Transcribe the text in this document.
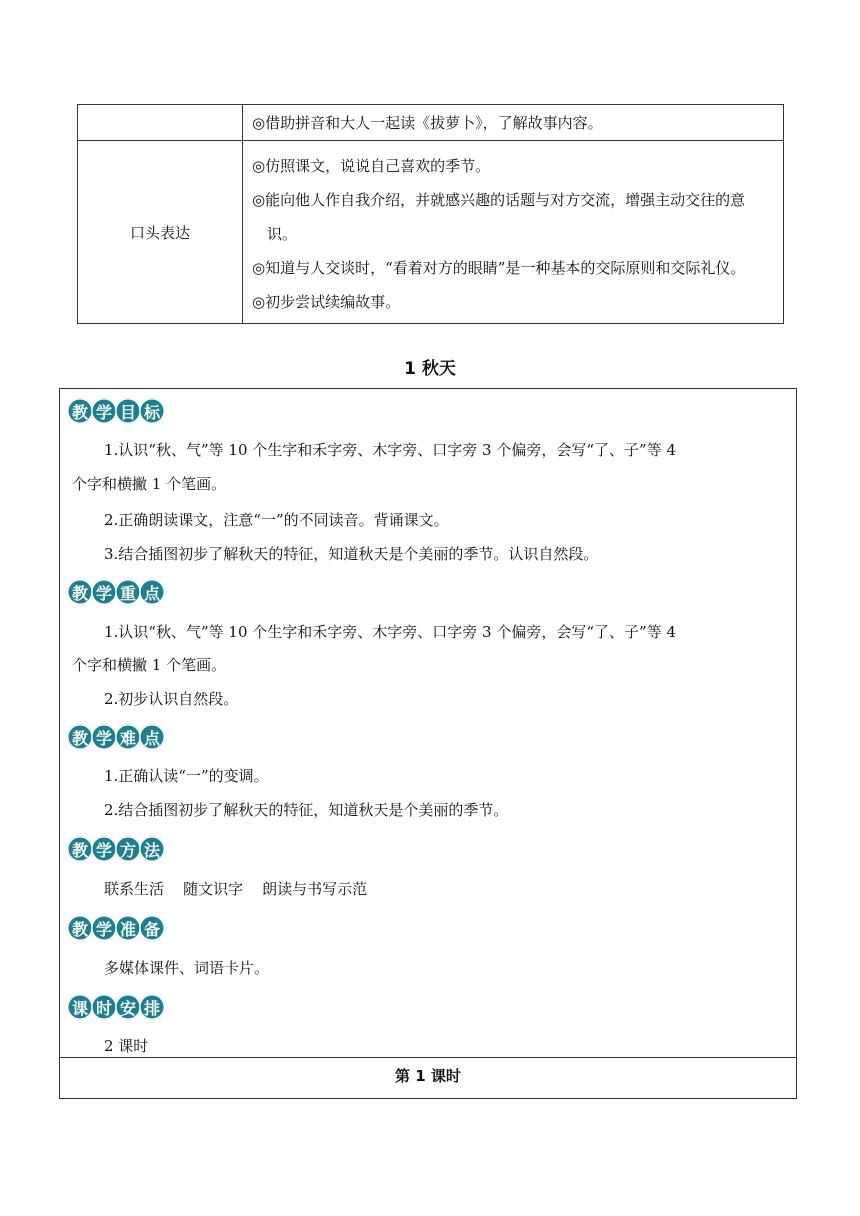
	◎借助拼音和大人一起读《拔萝卜》，了解故事内容。

口头表达	◎仿照课文，说说自己喜欢的季节。

◎能向他人作自我介绍，并就感兴趣的话题与对方交流，增强主动交往的意识。

◎知道与人交谈时，“看着对方的眼睛”是一种基本的交际原则和交际礼仪。

◎初步尝试续编故事。

1 秋天
教 学 目 标
1.认识“秋、气”等 10 个生字和禾字旁、木字旁、口字旁 3 个偏旁，会写“了、子”等 4
个字和横撇 1 个笔画。
2.正确朗读课文，注意“一”的不同读音。背诵课文。
3.结合插图初步了解秋天的特征，知道秋天是个美丽的季节。认识自然段。
教 学 重 点
1.认识“秋、气”等 10 个生字和禾字旁、木字旁、口字旁 3 个偏旁，会写“了、子”等 4
个字和横撇 1 个笔画。
2.初步认识自然段。
教 学 难 点
1.正确认读“一”的变调。
2.结合插图初步了解秋天的特征，知道秋天是个美丽的季节。
教 学 方 法
联系生活    随文识字    朗读与书写示范
教 学 准 备
多媒体课件、词语卡片。
课 时 安 排
2 课时
第 1 课时
